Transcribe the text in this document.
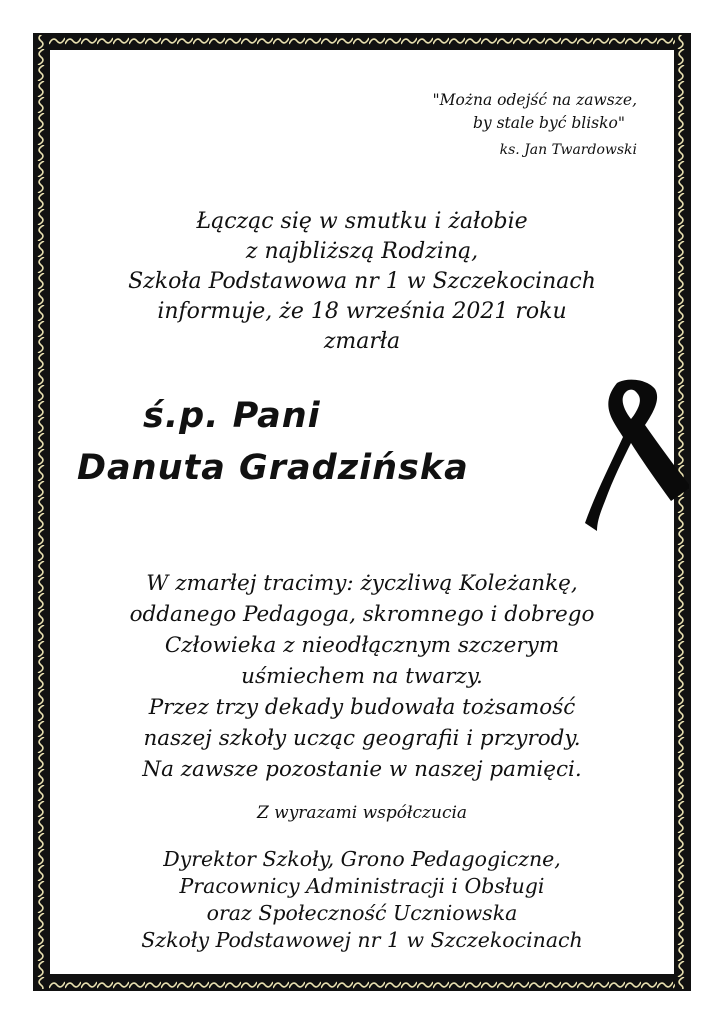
"Można odejść na zawsze,
by stale być blisko"
ks. Jan Twardowski
Łącząc się w smutku i żałobie
z najbliższą Rodziną,
Szkoła Podstawowa nr 1 w Szczekocinach
informuje, że 18 września 2021 roku
zmarła
ś.p. Pani
Danuta Gradzińska
W zmarłej tracimy: życzliwą Koleżankę,
oddanego Pedagoga, skromnego i dobrego
Człowieka z nieodłącznym szczerym
uśmiechem na twarzy.
Przez trzy dekady budowała tożsamość
naszej szkoły ucząc geografii i przyrody.
Na zawsze pozostanie w naszej pamięci.
Z wyrazami współczucia
Dyrektor Szkoły, Grono Pedagogiczne,
Pracownicy Administracji i Obsługi
oraz Społeczność Uczniowska
Szkoły Podstawowej nr 1 w Szczekocinach
